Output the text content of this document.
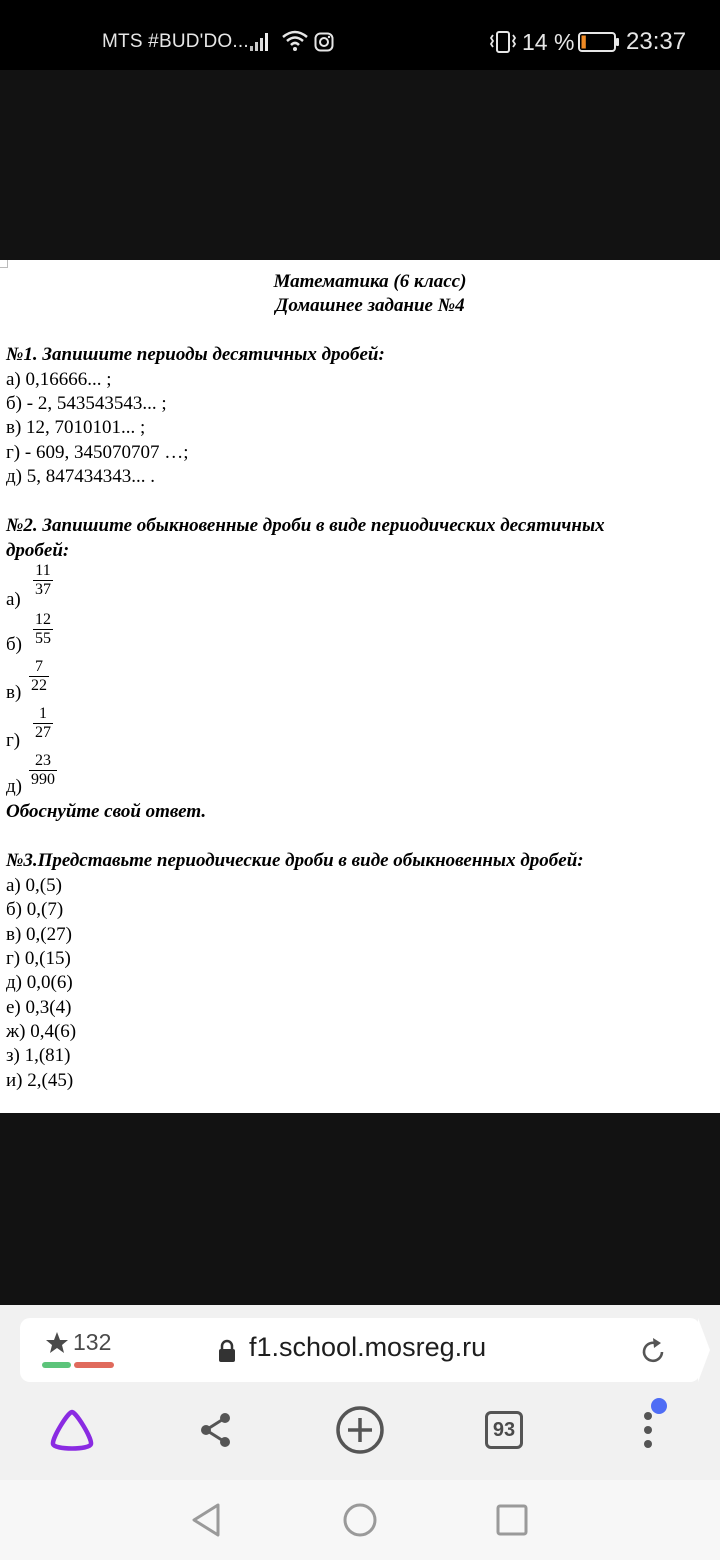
MTS #BUD'DO...	14 % 23:37
Математика (6 класс)
Домашнее задание №4
№1. Запишите периоды десятичных дробей:
а) 0,16666... ;
б) - 2, 543543543... ;
в) 12, 7010101... ;
г) - 609, 345070707 …;
д) 5, 847434343... .
№2. Запишите обыкновенные дроби в виде периодических десятичных
дробей:
а)
$\frac{11}{37}$
$б) \frac{12}{55}$
$в) \frac{7}{22}$
$г) \frac{1}{27}$
$д) \frac{23}{990}$
Обоснуйте свой ответ.
№3.Представьте периодические дроби в виде обыкновенных дробей:
а) 0,(5)
б) 0,(7)
в) 0,(27)
г) 0,(15)
д) 0,0(6)
е) 0,3(4)
ж) 0,4(6)
з) 1,(81)
и) 2,(45)
132	f1.school.mosreg.ru
93
